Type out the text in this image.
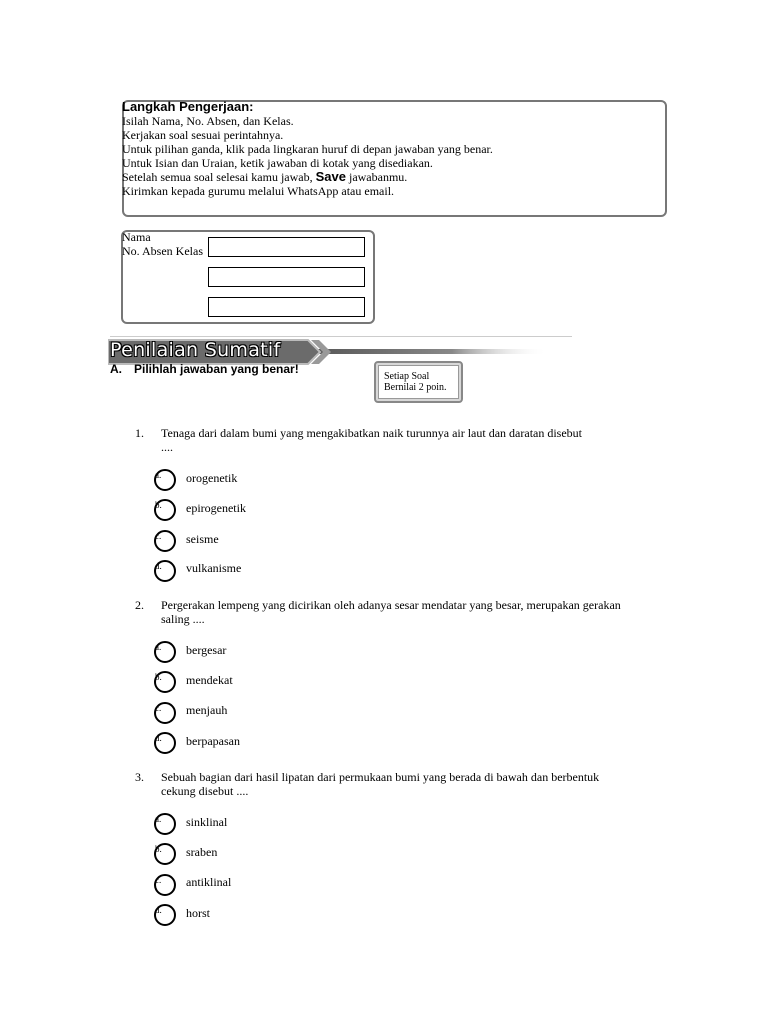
Langkah Pengerjaan:
Isilah Nama, No. Absen, dan Kelas.
Kerjakan soal sesuai perintahnya.
Untuk pilihan ganda, klik pada lingkaran huruf di depan jawaban yang benar.
Untuk Isian dan Uraian, ketik jawaban di kotak yang disediakan.
Setelah semua soal selesai kamu jawab, Save jawabanmu.
Kirimkan kepada gurumu melalui WhatsApp atau email.
Nama
No. Absen Kelas
Penilaian Sumatif
A. Pilihlah jawaban yang benar!
Setiap Soal Bernilai 2 poin.
1. Tenaga dari dalam bumi yang mengakibatkan naik turunnya air laut dan daratan disebut
....
a. orogenetik
b. epirogenetik
c. seisme
d. vulkanisme
2. Pergerakan lempeng yang dicirikan oleh adanya sesar mendatar yang besar, merupakan gerakan
saling ....
a. bergesar
b. mendekat
c. menjauh
d. berpapasan
3. Sebuah bagian dari hasil lipatan dari permukaan bumi yang berada di bawah dan berbentuk
cekung disebut ....
a. sinklinal
b. sraben
c. antiklinal
d. horst
